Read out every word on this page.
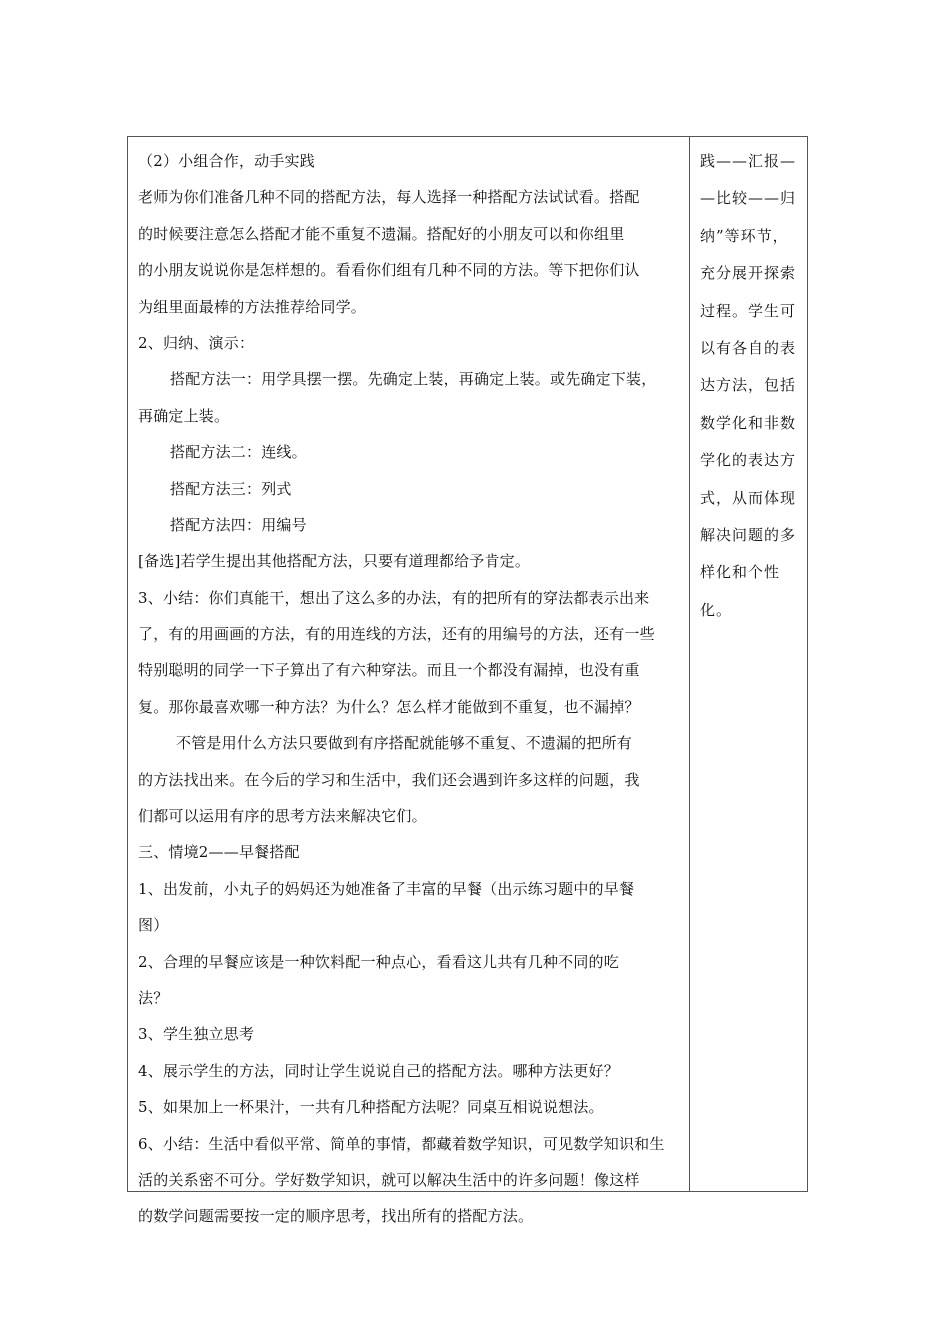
（2）小组合作，动手实践
老师为你们准备几种不同的搭配方法，每人选择一种搭配方法试试看。搭配
的时候要注意怎么搭配才能不重复不遗漏。搭配好的小朋友可以和你组里
的小朋友说说你是怎样想的。看看你们组有几种不同的方法。等下把你们认
为组里面最棒的方法推荐给同学。
2、归纳、演示：
搭配方法一：用学具摆一摆。先确定上装，再确定上装。或先确定下装，
再确定上装。
搭配方法二：连线。
搭配方法三：列式
搭配方法四：用编号
[备选]若学生提出其他搭配方法，只要有道理都给予肯定。
3、小结：你们真能干，想出了这么多的办法，有的把所有的穿法都表示出来
了，有的用画画的方法，有的用连线的方法，还有的用编号的方法，还有一些
特别聪明的同学一下子算出了有六种穿法。而且一个都没有漏掉，也没有重
复。那你最喜欢哪一种方法？为什么？怎么样才能做到不重复，也不漏掉？
不管是用什么方法只要做到有序搭配就能够不重复、不遗漏的把所有
的方法找出来。在今后的学习和生活中，我们还会遇到许多这样的问题，我
们都可以运用有序的思考方法来解决它们。
三、情境2——早餐搭配
1、出发前，小丸子的妈妈还为她准备了丰富的早餐（出示练习题中的早餐
图）
2、合理的早餐应该是一种饮料配一种点心，看看这儿共有几种不同的吃
法？
3、学生独立思考
4、展示学生的方法，同时让学生说说自己的搭配方法。哪种方法更好？
5、如果加上一杯果汁，一共有几种搭配方法呢？同桌互相说说想法。
6、小结：生活中看似平常、简单的事情，都藏着数学知识，可见数学知识和生
活的关系密不可分。学好数学知识，就可以解决生活中的许多问题！像这样
的数学问题需要按一定的顺序思考，找出所有的搭配方法。
践——汇报—
—比较——归
纳”等环节，
充分展开探索
过程。学生可
以有各自的表
达方法，包括
数学化和非数
学化的表达方
式，从而体现
解决问题的多
样化和个性
化。
